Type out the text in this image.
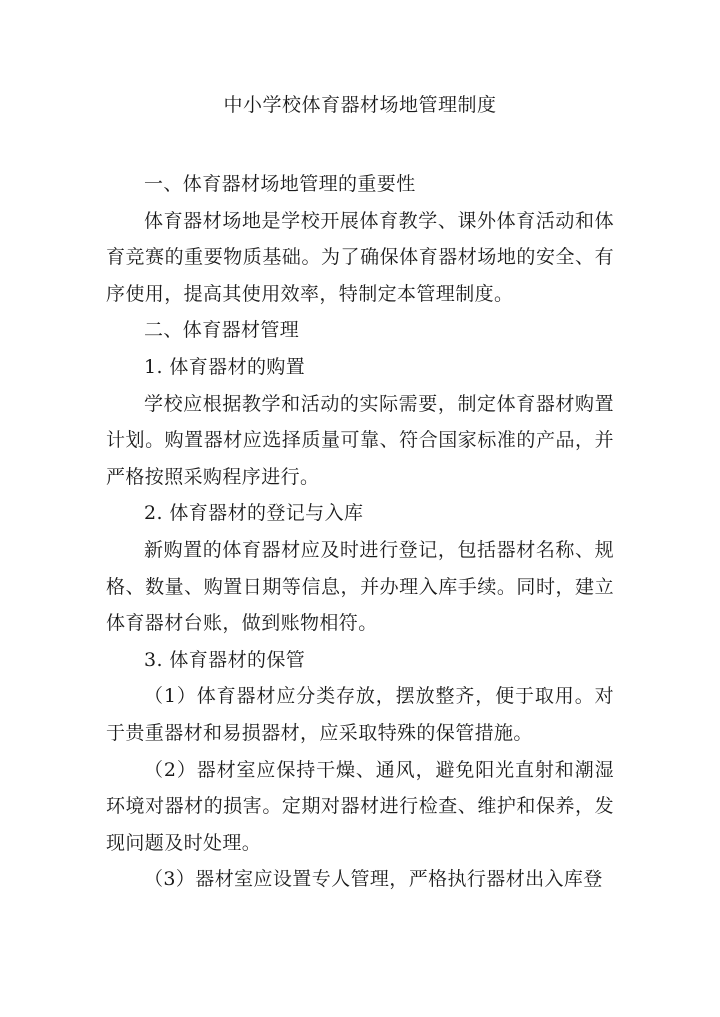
中小学校体育器材场地管理制度

一、体育器材场地管理的重要性

体育器材场地是学校开展体育教学、课外体育活动和体育竞赛的重要物质基础。为了确保体育器材场地的安全、有序使用，提高其使用效率，特制定本管理制度。

二、体育器材管理

1. 体育器材的购置

学校应根据教学和活动的实际需要，制定体育器材购置计划。购置器材应选择质量可靠、符合国家标准的产品，并严格按照采购程序进行。

2. 体育器材的登记与入库

新购置的体育器材应及时进行登记，包括器材名称、规格、数量、购置日期等信息，并办理入库手续。同时，建立体育器材台账，做到账物相符。

3. 体育器材的保管

（1）体育器材应分类存放，摆放整齐，便于取用。对于贵重器材和易损器材，应采取特殊的保管措施。

（2）器材室应保持干燥、通风，避免阳光直射和潮湿环境对器材的损害。定期对器材进行检查、维护和保养，发现问题及时处理。

（3）器材室应设置专人管理，严格执行器材出入库登
